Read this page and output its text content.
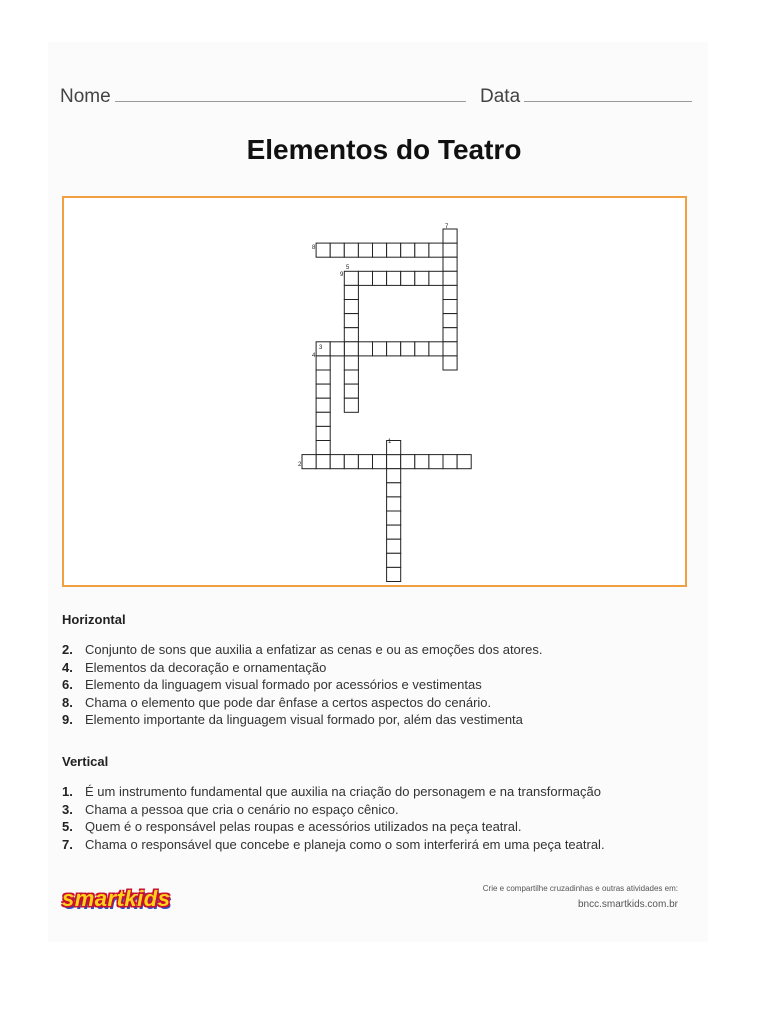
Nome	Data
Elementos do Teatro
7
8
5
9
3
4
1
2
Horizontal
2. Conjunto de sons que auxilia a enfatizar as cenas e ou as emoções dos atores.
4. Elementos da decoração e ornamentação
6. Elemento da linguagem visual formado por acessórios e vestimentas
8. Chama o elemento que pode dar ênfase a certos aspectos do cenário.
9. Elemento importante da linguagem visual formado por, além das vestimenta
Vertical
1. É um instrumento fundamental que auxilia na criação do personagem e na transformação
3. Chama a pessoa que cria o cenário no espaço cênico.
5. Quem é o responsável pelas roupas e acessórios utilizados na peça teatral.
7. Chama o responsável que concebe e planeja como o som interferirá em uma peça teatral.
smartkids	Crie e compartilhe cruzadinhas e outras atividades em:
bncc.smartkids.com.br
